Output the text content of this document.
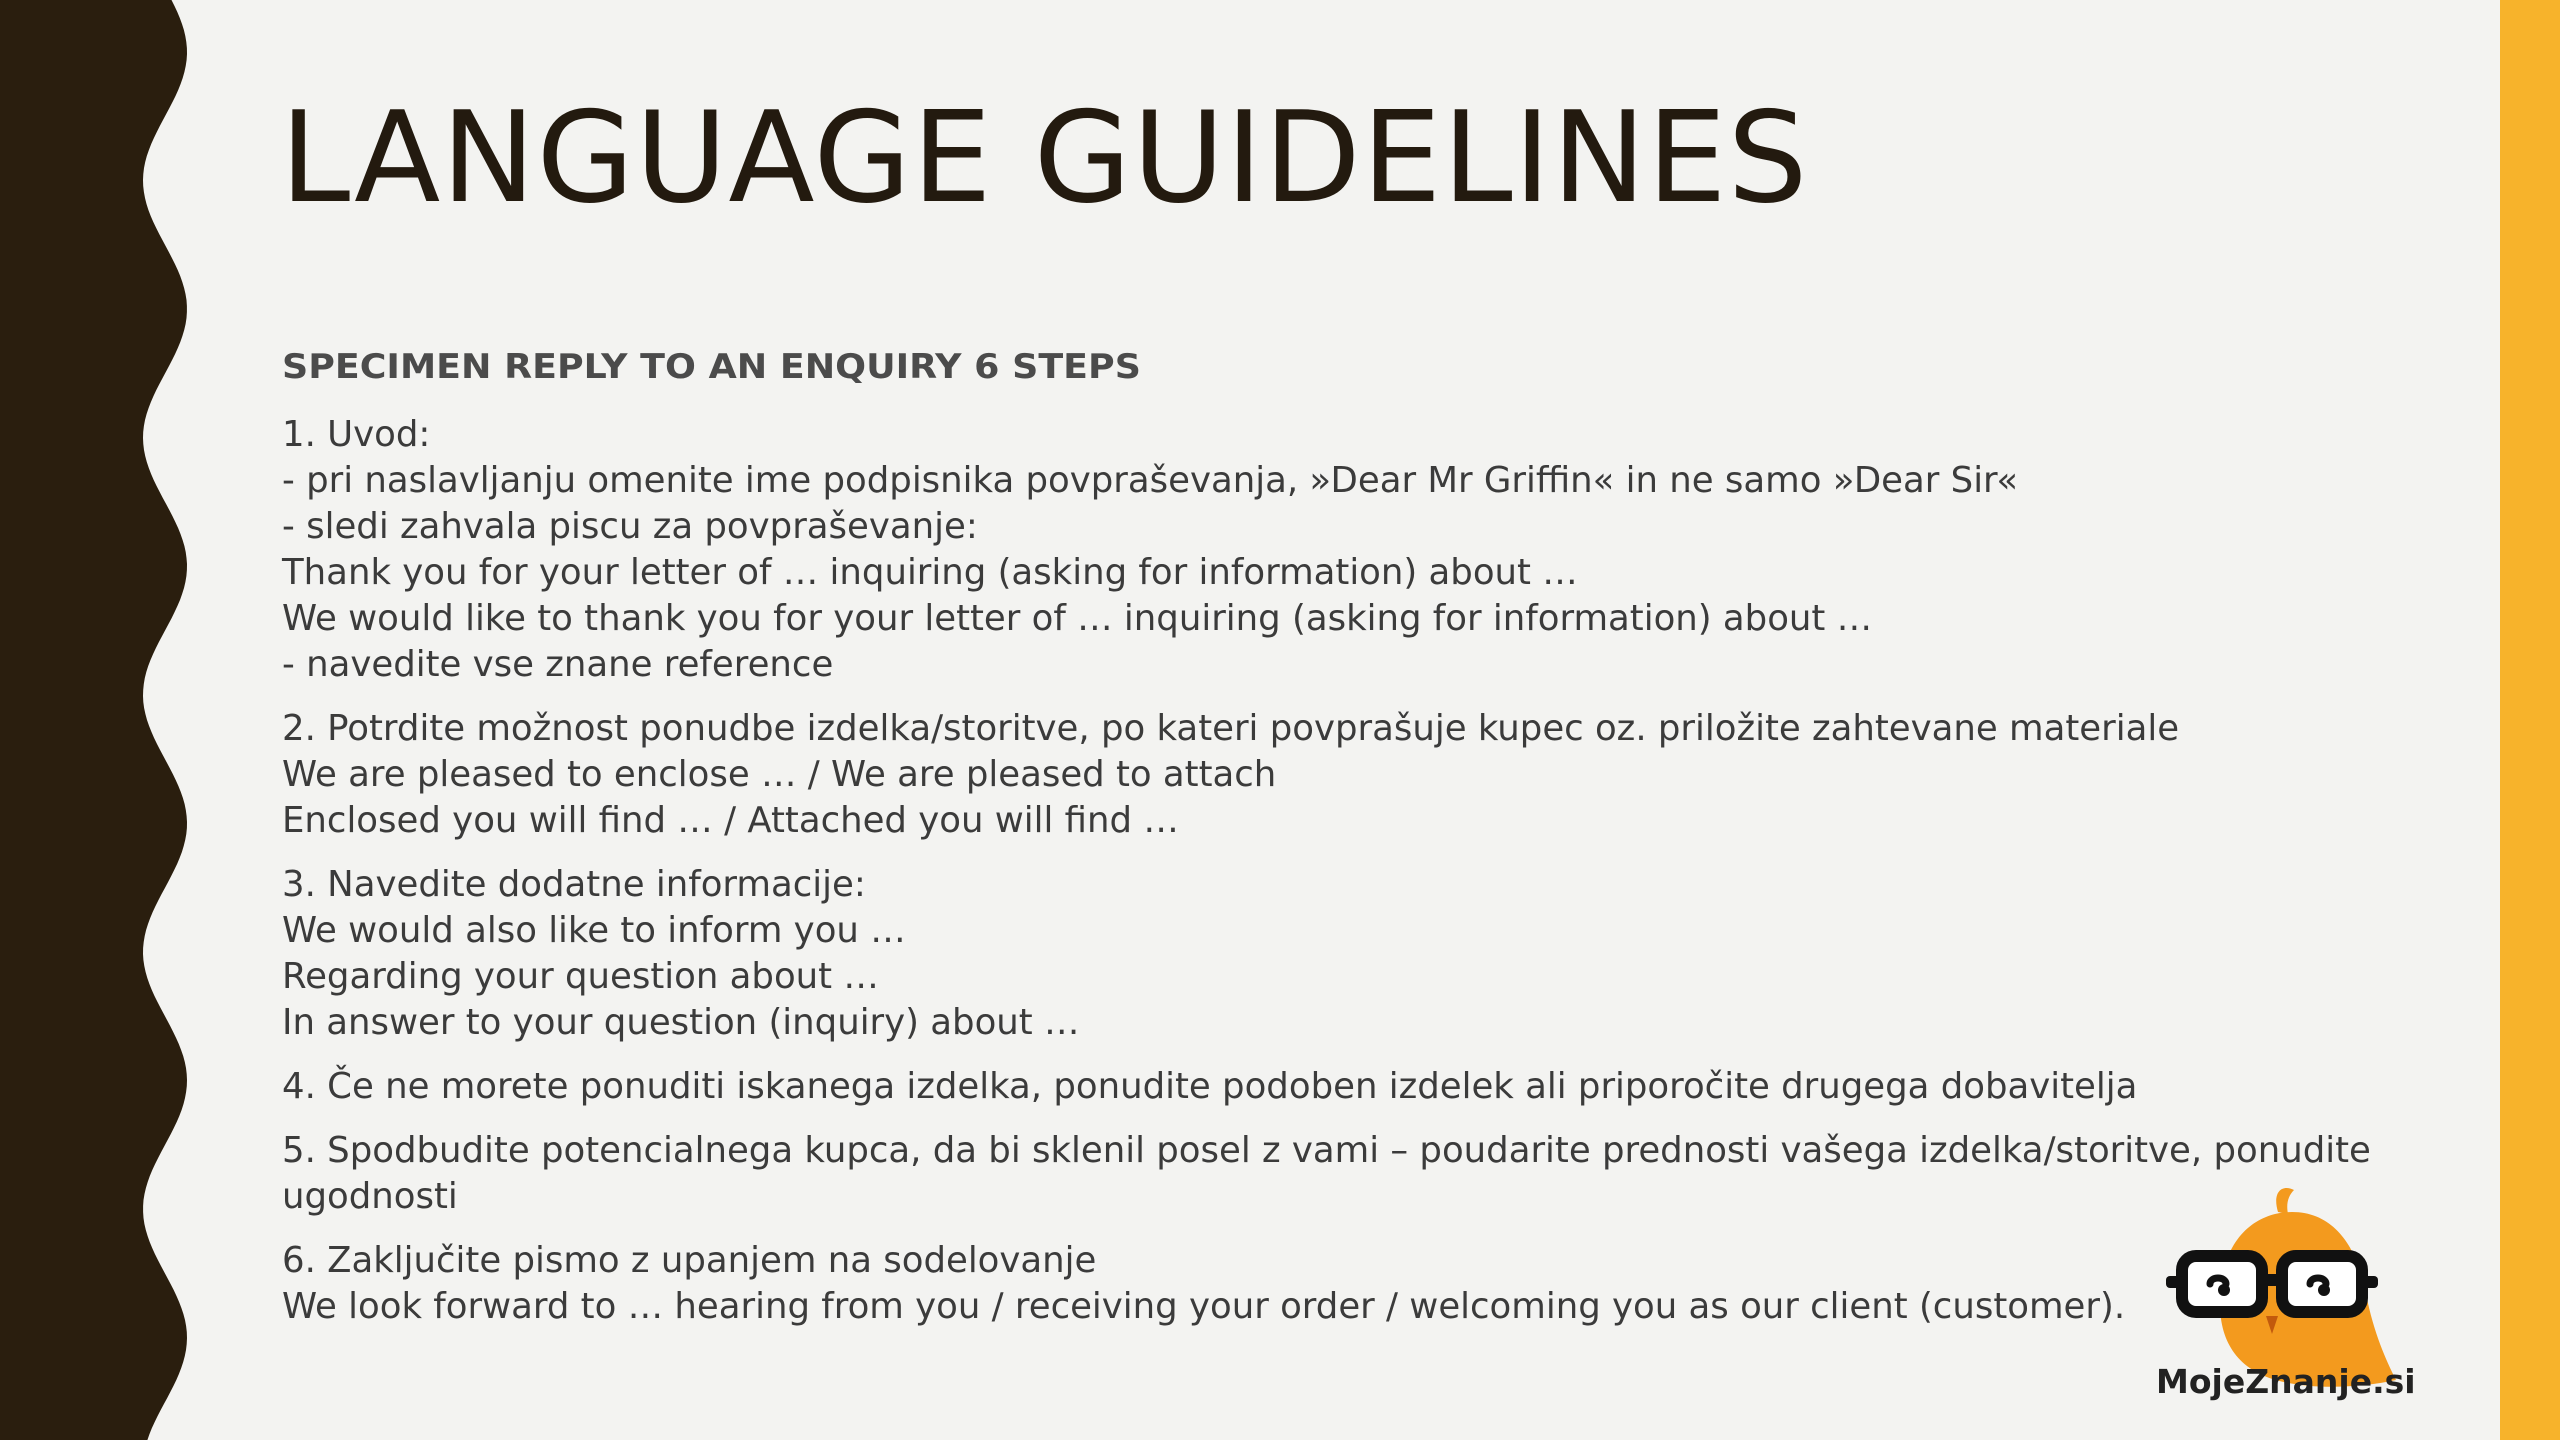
LANGUAGE GUIDELINES
SPECIMEN REPLY TO AN ENQUIRY 6 STEPS

1. Uvod:
- pri naslavljanju omenite ime podpisnika povpraševanja, »Dear Mr Griffin« in ne samo »Dear Sir«
- sledi zahvala piscu za povpraševanje:
Thank you for your letter of … inquiring (asking for information) about …
We would like to thank you for your letter of … inquiring (asking for information) about …
- navedite vse znane reference

2. Potrdite možnost ponudbe izdelka/storitve, po kateri povprašuje kupec oz. priložite zahtevane materiale
We are pleased to enclose … / We are pleased to attach
Enclosed you will find … / Attached you will find …

3. Navedite dodatne informacije:
We would also like to inform you …
Regarding your question about …
In answer to your question (inquiry) about …

4. Če ne morete ponuditi iskanega izdelka, ponudite podoben izdelek ali priporočite drugega dobavitelja

5. Spodbudite potencialnega kupca, da bi sklenil posel z vami – poudarite prednosti vašega izdelka/storitve, ponudite ugodnosti

6. Zaključite pismo z upanjem na sodelovanje
We look forward to … hearing from you / receiving your order / welcoming you as our client (customer).

MojeZnanje.si
